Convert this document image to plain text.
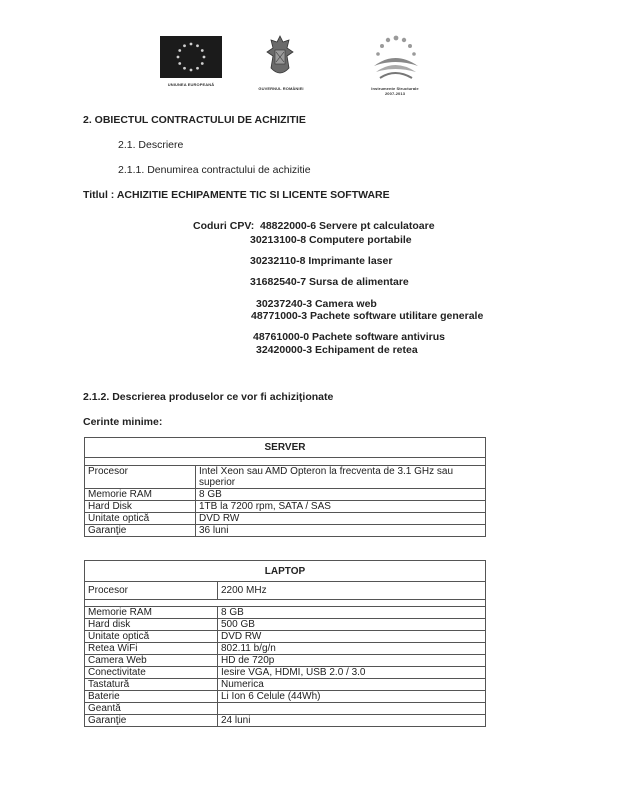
UNIUNEA EUROPEANĂ
GUVERNUL ROMÂNIEI	Instrumente Structurale
2007-2013
2. OBIECTUL CONTRACTULUI DE ACHIZITIE
2.1. Descriere
2.1.1. Denumirea contractului de achizitie
Titlul : ACHIZITIE ECHIPAMENTE TIC SI LICENTE SOFTWARE
Coduri CPV: 48822000-6 Servere pt calculatoare
30213100-8 Computere portabile
30232110-8 Imprimante laser
31682540-7 Sursa de alimentare
30237240-3 Camera web
48771000-3 Pachete software utilitare generale
48761000-0 Pachete software antivirus
32420000-3 Echipament de retea
2.1.2. Descrierea produselor ce vor fi achiziţionate
Cerinte minime:
SERVER	

Procesor	Intel Xeon sau AMD Opteron la frecventa de 3.1 GHz sau superior
Memorie RAM	8 GB
Hard Disk	1TB la 7200 rpm, SATA / SAS
Unitate optică	DVD RW
Garanţie	36 luni
LAPTOP	
Procesor	2200 MHz

Memorie RAM	8 GB
Hard disk	500 GB
Unitate optică	DVD RW
Retea WiFi	802.11 b/g/n
Camera Web	HD de 720p
Conectivitate	Iesire VGA, HDMI, USB 2.0 / 3.0
Tastatură	Numerica
Baterie	Li Ion 6 Celule (44Wh)
Geantă	
Garanţie	24 luni
